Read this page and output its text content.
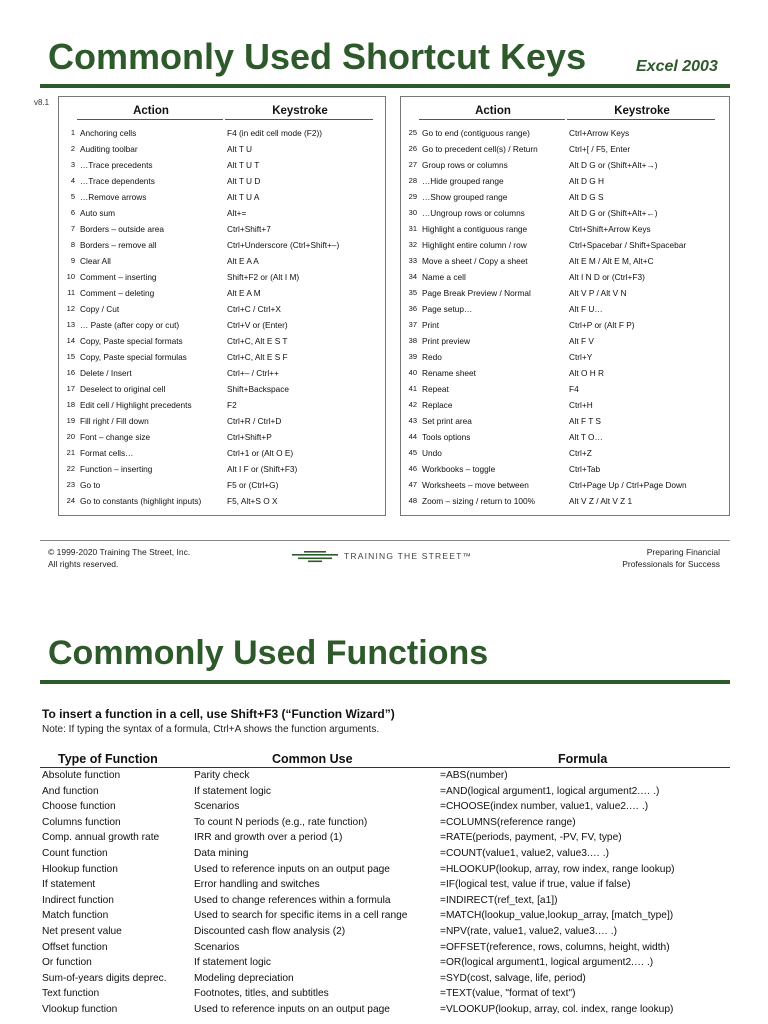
Commonly Used Shortcut Keys	Excel 2003
v8.1
Action	Keystroke
1 Anchoring cells	F4 (in edit cell mode (F2))
2 Auditing toolbar	Alt T U
3 …Trace precedents	Alt T U T
4 …Trace dependents	Alt T U D
5 …Remove arrows	Alt T U A
6 Auto sum	Alt+=
7 Borders – outside area	Ctrl+Shift+7
8 Borders – remove all	Ctrl+Underscore (Ctrl+Shift+–)
9 Clear All	Alt E A A
10 Comment – inserting	Shift+F2 or (Alt I M)
11 Comment – deleting	Alt E A M
12 Copy / Cut	Ctrl+C / Ctrl+X
13 … Paste (after copy or cut)	Ctrl+V or (Enter)
14 Copy, Paste special formats	Ctrl+C, Alt E S T
15 Copy, Paste special formulas	Ctrl+C, Alt E S F
16 Delete / Insert	Ctrl+– / Ctrl++
17 Deselect to original cell	Shift+Backspace
18 Edit cell / Highlight precedents	F2
19 Fill right / Fill down	Ctrl+R / Ctrl+D
20 Font – change size	Ctrl+Shift+P
21 Format cells…	Ctrl+1 or (Alt O E)
22 Function – inserting	Alt I F or (Shift+F3)
23 Go to	F5 or (Ctrl+G)
24 Go to constants (highlight inputs)	F5, Alt+S O X
Action	Keystroke
25 Go to end (contiguous range)	Ctrl+Arrow Keys
26 Go to precedent cell(s) / Return	Ctrl+[ / F5, Enter
27 Group rows or columns	Alt D G or (Shift+Alt+→)
28 …Hide grouped range	Alt D G H
29 …Show grouped range	Alt D G S
30 …Ungroup rows or columns	Alt D G or (Shift+Alt+←)
31 Highlight a contiguous range	Ctrl+Shift+Arrow Keys
32 Highlight entire column / row	Ctrl+Spacebar / Shift+Spacebar
33 Move a sheet / Copy a sheet	Alt E M / Alt E M, Alt+C
34 Name a cell	Alt I N D or (Ctrl+F3)
35 Page Break Preview / Normal	Alt V P / Alt V N
36 Page setup…	Alt F U…
37 Print	Ctrl+P or (Alt F P)
38 Print preview	Alt F V
39 Redo	Ctrl+Y
40 Rename sheet	Alt O H R
41 Repeat	F4
42 Replace	Ctrl+H
43 Set print area	Alt F T S
44 Tools options	Alt T O…
45 Undo	Ctrl+Z
46 Workbooks – toggle	Ctrl+Tab
47 Worksheets – move between	Ctrl+Page Up / Ctrl+Page Down
48 Zoom – sizing / return to 100%	Alt V Z / Alt V Z 1
© 1999-2020 Training The Street, Inc.
All rights reserved.
TRAINING THE STREET™	Preparing Financial
Professionals for Success
Commonly Used Functions
To insert a function in a cell, use Shift+F3 (“Function Wizard”)
Note: If typing the syntax of a formula, Ctrl+A shows the function arguments.
Type of Function	Common Use	Formula
Absolute function	Parity check	=ABS(number)
And function	If statement logic	=AND(logical argument1, logical argument2.… .)
Choose function	Scenarios	=CHOOSE(index number, value1, value2.… .)
Columns function	To count N periods (e.g., rate function)	=COLUMNS(reference range)
Comp. annual growth rate	IRR and growth over a period (1)	=RATE(periods, payment, -PV, FV, type)
Count function	Data mining	=COUNT(value1, value2, value3.… .)
Hlookup function	Used to reference inputs on an output page	=HLOOKUP(lookup, array, row index, range lookup)
If statement	Error handling and switches	=IF(logical test, value if true, value if false)
Indirect function	Used to change references within a formula	=INDIRECT(ref_text, [a1])
Match function	Used to search for specific items in a cell range	=MATCH(lookup_value,lookup_array, [match_type])
Net present value	Discounted cash flow analysis (2)	=NPV(rate, value1, value2, value3.… .)
Offset function	Scenarios	=OFFSET(reference, rows, columns, height, width)
Or function	If statement logic	=OR(logical argument1, logical argument2.… .)
Sum-of-years digits deprec.	Modeling depreciation	=SYD(cost, salvage, life, period)
Text function	Footnotes, titles, and subtitles	=TEXT(value, "format of text")
Vlookup function	Used to reference inputs on an output page	=VLOOKUP(lookup, array, col. index, range lookup)
